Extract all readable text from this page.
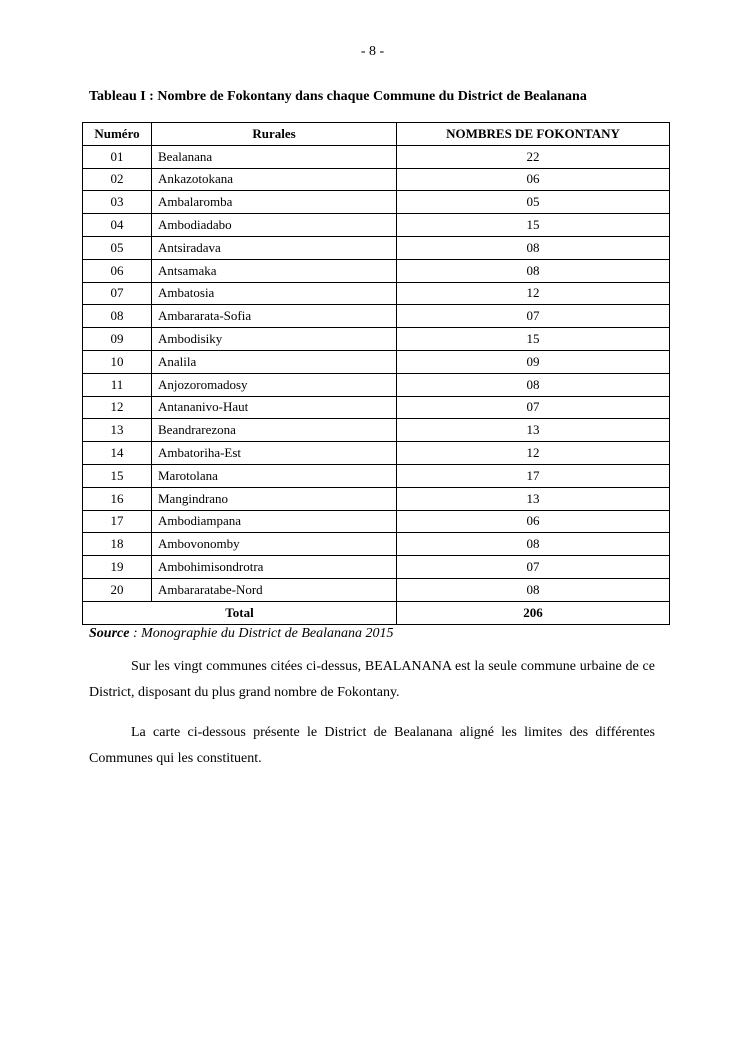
- 8 -
Tableau I : Nombre de Fokontany dans chaque Commune du District de Bealanana
Numéro	Rurales	NOMBRES DE FOKONTANY
01	Bealanana	22
02	Ankazotokana	06
03	Ambalaromba	05
04	Ambodiadabo	15
05	Antsiradava	08
06	Antsamaka	08
07	Ambatosia	12
08	Ambararata-Sofia	07
09	Ambodisiky	15
10	Analila	09
11	Anjozoromadosy	08
12	Antananivo-Haut	07
13	Beandrarezona	13
14	Ambatoriha-Est	12
15	Marotolana	17
16	Mangindrano	13
17	Ambodiampana	06
18	Ambovonomby	08
19	Ambohimisondrotra	07
20	Ambararatabe-Nord	08
Total		206
Source : Monographie du District de Bealanana 2015

Sur les vingt communes citées ci-dessus, BEALANANA est la seule commune urbaine de ce District, disposant du plus grand nombre de Fokontany.

La carte ci-dessous présente le District de Bealanana aligné les limites des différentes Communes qui les constituent.
